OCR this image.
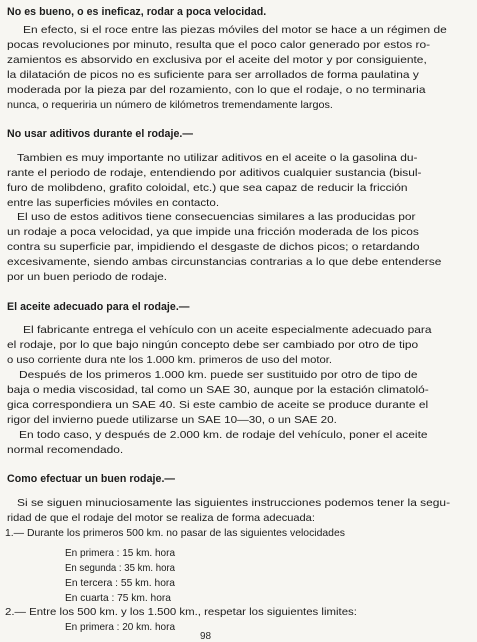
No es bueno, o es ineficaz, rodar a poca velocidad.
En efecto, si el roce entre las piezas móviles del motor se hace a un régimen de
pocas revoluciones por minuto, resulta que el poco calor generado por estos ro-
zamientos es absorvido en exclusiva por el aceite del motor y por consiguiente,
la dilatación de picos no es suficiente para ser arrollados de forma paulatina y
moderada por la pieza par del rozamiento, con lo que el rodaje, o no terminaria
nunca, o requeriria un número de kilómetros tremendamente largos.
No usar aditivos durante el rodaje.—
Tambien es muy importante no utilizar aditivos en el aceite o la gasolina du-
rante el periodo de rodaje, entendiendo por aditivos cualquier sustancia (bisul-
furo de molibdeno, grafito coloidal, etc.) que sea capaz de reducir la fricción
entre las superficies móviles en contacto.
El uso de estos aditivos tiene consecuencias similares a las producidas por
un rodaje a poca velocidad, ya que impide una fricción moderada de los picos
contra su superficie par, impidiendo el desgaste de dichos picos; o retardando
excesivamente, siendo ambas circunstancias contrarias a lo que debe entenderse
por un buen periodo de rodaje.
El aceite adecuado para el rodaje.—
El fabricante entrega el vehículo con un aceite especialmente adecuado para
el rodaje, por lo que bajo ningún concepto debe ser cambiado por otro de tipo
o uso corriente dura nte los 1.000 km. primeros de uso del motor.
Después de los primeros 1.000 km. puede ser sustituido por otro de tipo de
baja o media viscosidad, tal como un SAE 30, aunque por la estación climatoló-
gica correspondiera un SAE 40. Si este cambio de aceite se produce durante el
rigor del invierno puede utilizarse un SAE 10—30, o un SAE 20.
En todo caso, y después de 2.000 km. de rodaje del vehículo, poner el aceite
normal recomendado.
Como efectuar un buen rodaje.—
Si se siguen minuciosamente las siguientes instrucciones podemos tener la segu-
ridad de que el rodaje del motor se realiza de forma adecuada:
1.— Durante los primeros 500 km. no pasar de las siguientes velocidades
En primera : 15 km. hora
En segunda : 35 km. hora
En tercera : 55 km. hora
En cuarta : 75 km. hora
2.— Entre los 500 km. y los 1.500 km., respetar los siguientes limites:
En primera : 20 km. hora
98
